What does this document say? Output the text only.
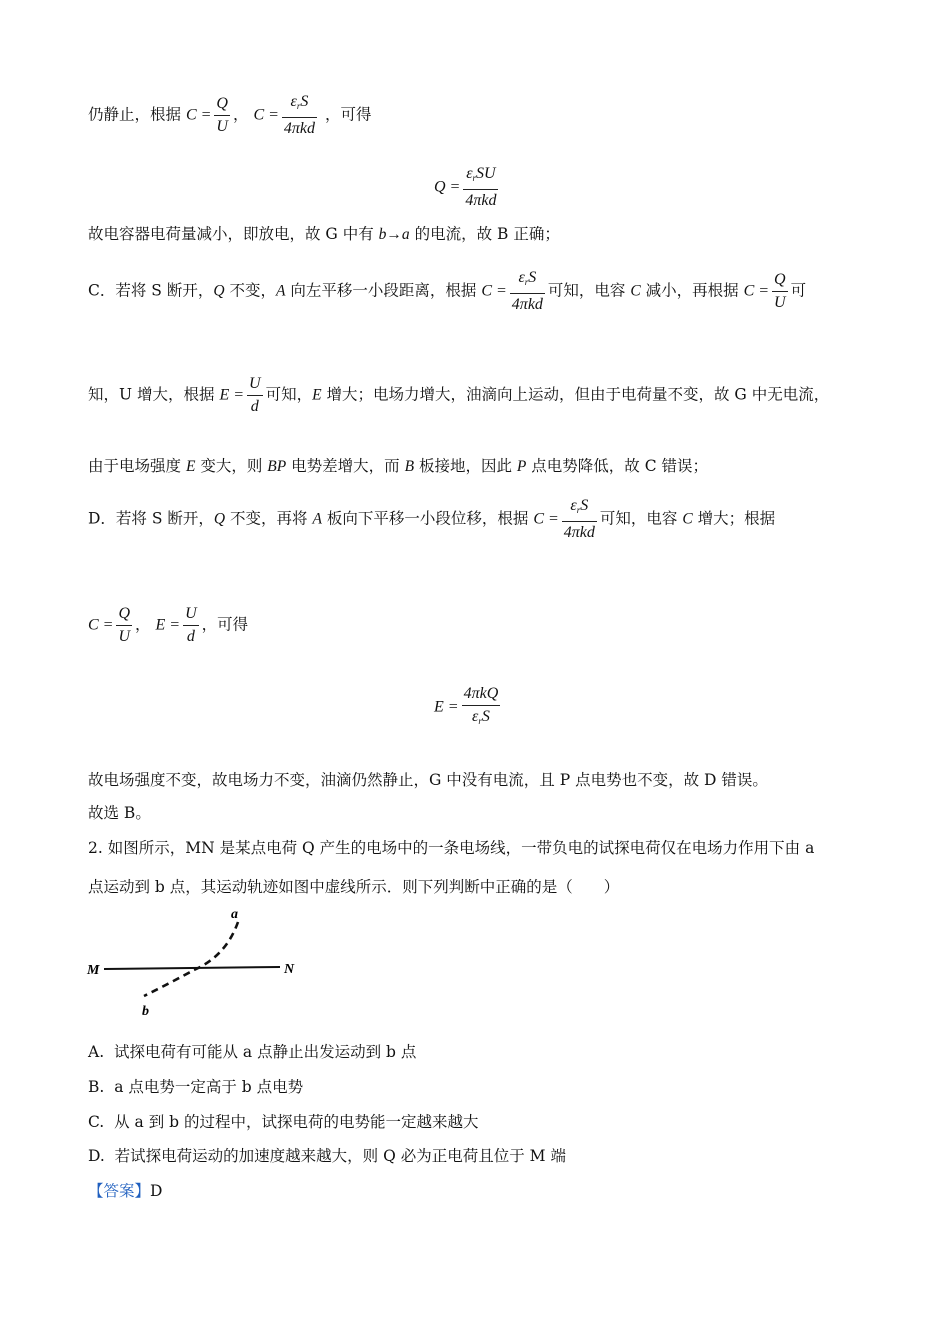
仍静止，根据 $C = \frac{Q}{U}$ ， $C = \frac{\varepsilon_rS}{\text{4πkd}}$ ，可得
$Q = \frac{\varepsilon_rSU}{\text{4πkd}}$
故电容器电荷量减小，即放电，故 G 中有 b→a 的电流，故 B 正确；
C．若将 S 断开，Q 不变，A 向左平移一小段距离，根据 $C = \frac{\varepsilon_rS}{\text{4πkd}}$ 可知，电容 C 减小，再根据 $C = \frac{Q}{U}$ 可
知，U 增大，根据 $E = \frac{U}{d}$ 可知，E 增大；电场力增大，油滴向上运动，但由于电荷量不变，故 G 中无电流，
由于电场强度 E 变大，则 BP 电势差增大，而 B 板接地，因此 P 点电势降低，故 C 错误；
D．若将 S 断开，Q 不变，再将 A 板向下平移一小段位移，根据 $C = \frac{\varepsilon_rS}{\text{4πkd}}$ 可知，电容 C 增大；根据
$C = \frac{Q}{U}$ ， $E = \frac{U}{d}$ ，可得
$E = \frac{\text{4πkQ}}{\varepsilon_rS}$
故电场强度不变，故电场力不变，油滴仍然静止，G 中没有电流，且 P 点电势也不变，故 D 错误。
故选 B。
2. 如图所示，MN 是某点电荷 Q 产生的电场中的一条电场线，一带负电的试探电荷仅在电场力作用下由 a
点运动到 b 点，其运动轨迹如图中虚线所示．则下列判断中正确的是（　　）
a
b
M	N
A. 试探电荷有可能从 a 点静止出发运动到 b 点
B. a 点电势一定高于 b 点电势
C. 从 a 到 b 的过程中，试探电荷的电势能一定越来越大
D. 若试探电荷运动的加速度越来越大，则 Q 必为正电荷且位于 M 端
【答案】D
